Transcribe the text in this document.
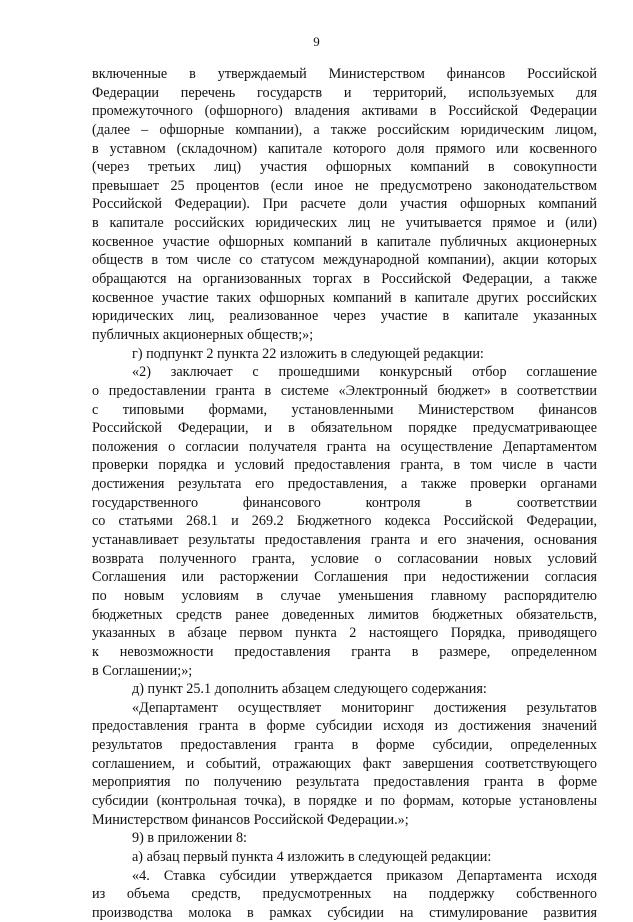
9
включенные в утверждаемый Министерством финансов Российской
Федерации перечень государств и территорий, используемых для
промежуточного (офшорного) владения активами в Российской Федерации
(далее – офшорные компании), а также российским юридическим лицом,
в уставном (складочном) капитале которого доля прямого или косвенного
(через третьих лиц) участия офшорных компаний в совокупности
превышает 25 процентов (если иное не предусмотрено законодательством
Российской Федерации). При расчете доли участия офшорных компаний
в капитале российских юридических лиц не учитывается прямое и (или)
косвенное участие офшорных компаний в капитале публичных акционерных
обществ в том числе со статусом международной компании), акции которых
обращаются на организованных торгах в Российской Федерации, а также
косвенное участие таких офшорных компаний в капитале других российских
юридических лиц, реализованное через участие в капитале указанных
публичных акционерных обществ;»;
г) подпункт 2 пункта 22 изложить в следующей редакции:
«2) заключает с прошедшими конкурсный отбор соглашение
о предоставлении гранта в системе «Электронный бюджет» в соответствии
с типовыми формами, установленными Министерством финансов
Российской Федерации, и в обязательном порядке предусматривающее
положения о согласии получателя гранта на осуществление Департаментом
проверки порядка и условий предоставления гранта, в том числе в части
достижения результата его предоставления, а также проверки органами
государственного финансового контроля в соответствии
со статьями 268.1 и 269.2 Бюджетного кодекса Российской Федерации,
устанавливает результаты предоставления гранта и его значения, основания
возврата полученного гранта, условие о согласовании новых условий
Соглашения или расторжении Соглашения при недостижении согласия
по новым условиям в случае уменьшения главному распорядителю
бюджетных средств ранее доведенных лимитов бюджетных обязательств,
указанных в абзаце первом пункта 2 настоящего Порядка, приводящего
к невозможности предоставления гранта в размере, определенном
в Соглашении;»;
д) пункт 25.1 дополнить абзацем следующего содержания:
«Департамент осуществляет мониторинг достижения результатов
предоставления гранта в форме субсидии исходя из достижения значений
результатов предоставления гранта в форме субсидии, определенных
соглашением, и событий, отражающих факт завершения соответствующего
мероприятия по получению результата предоставления гранта в форме
субсидии (контрольная точка), в порядке и по формам, которые установлены
Министерством финансов Российской Федерации.»;
9) в приложении 8:
а) абзац первый пункта 4 изложить в следующей редакции:
«4. Ставка субсидии утверждается приказом Департамента исходя
из объема средств, предусмотренных на поддержку собственного
производства молока в рамках субсидии на стимулирование развития
